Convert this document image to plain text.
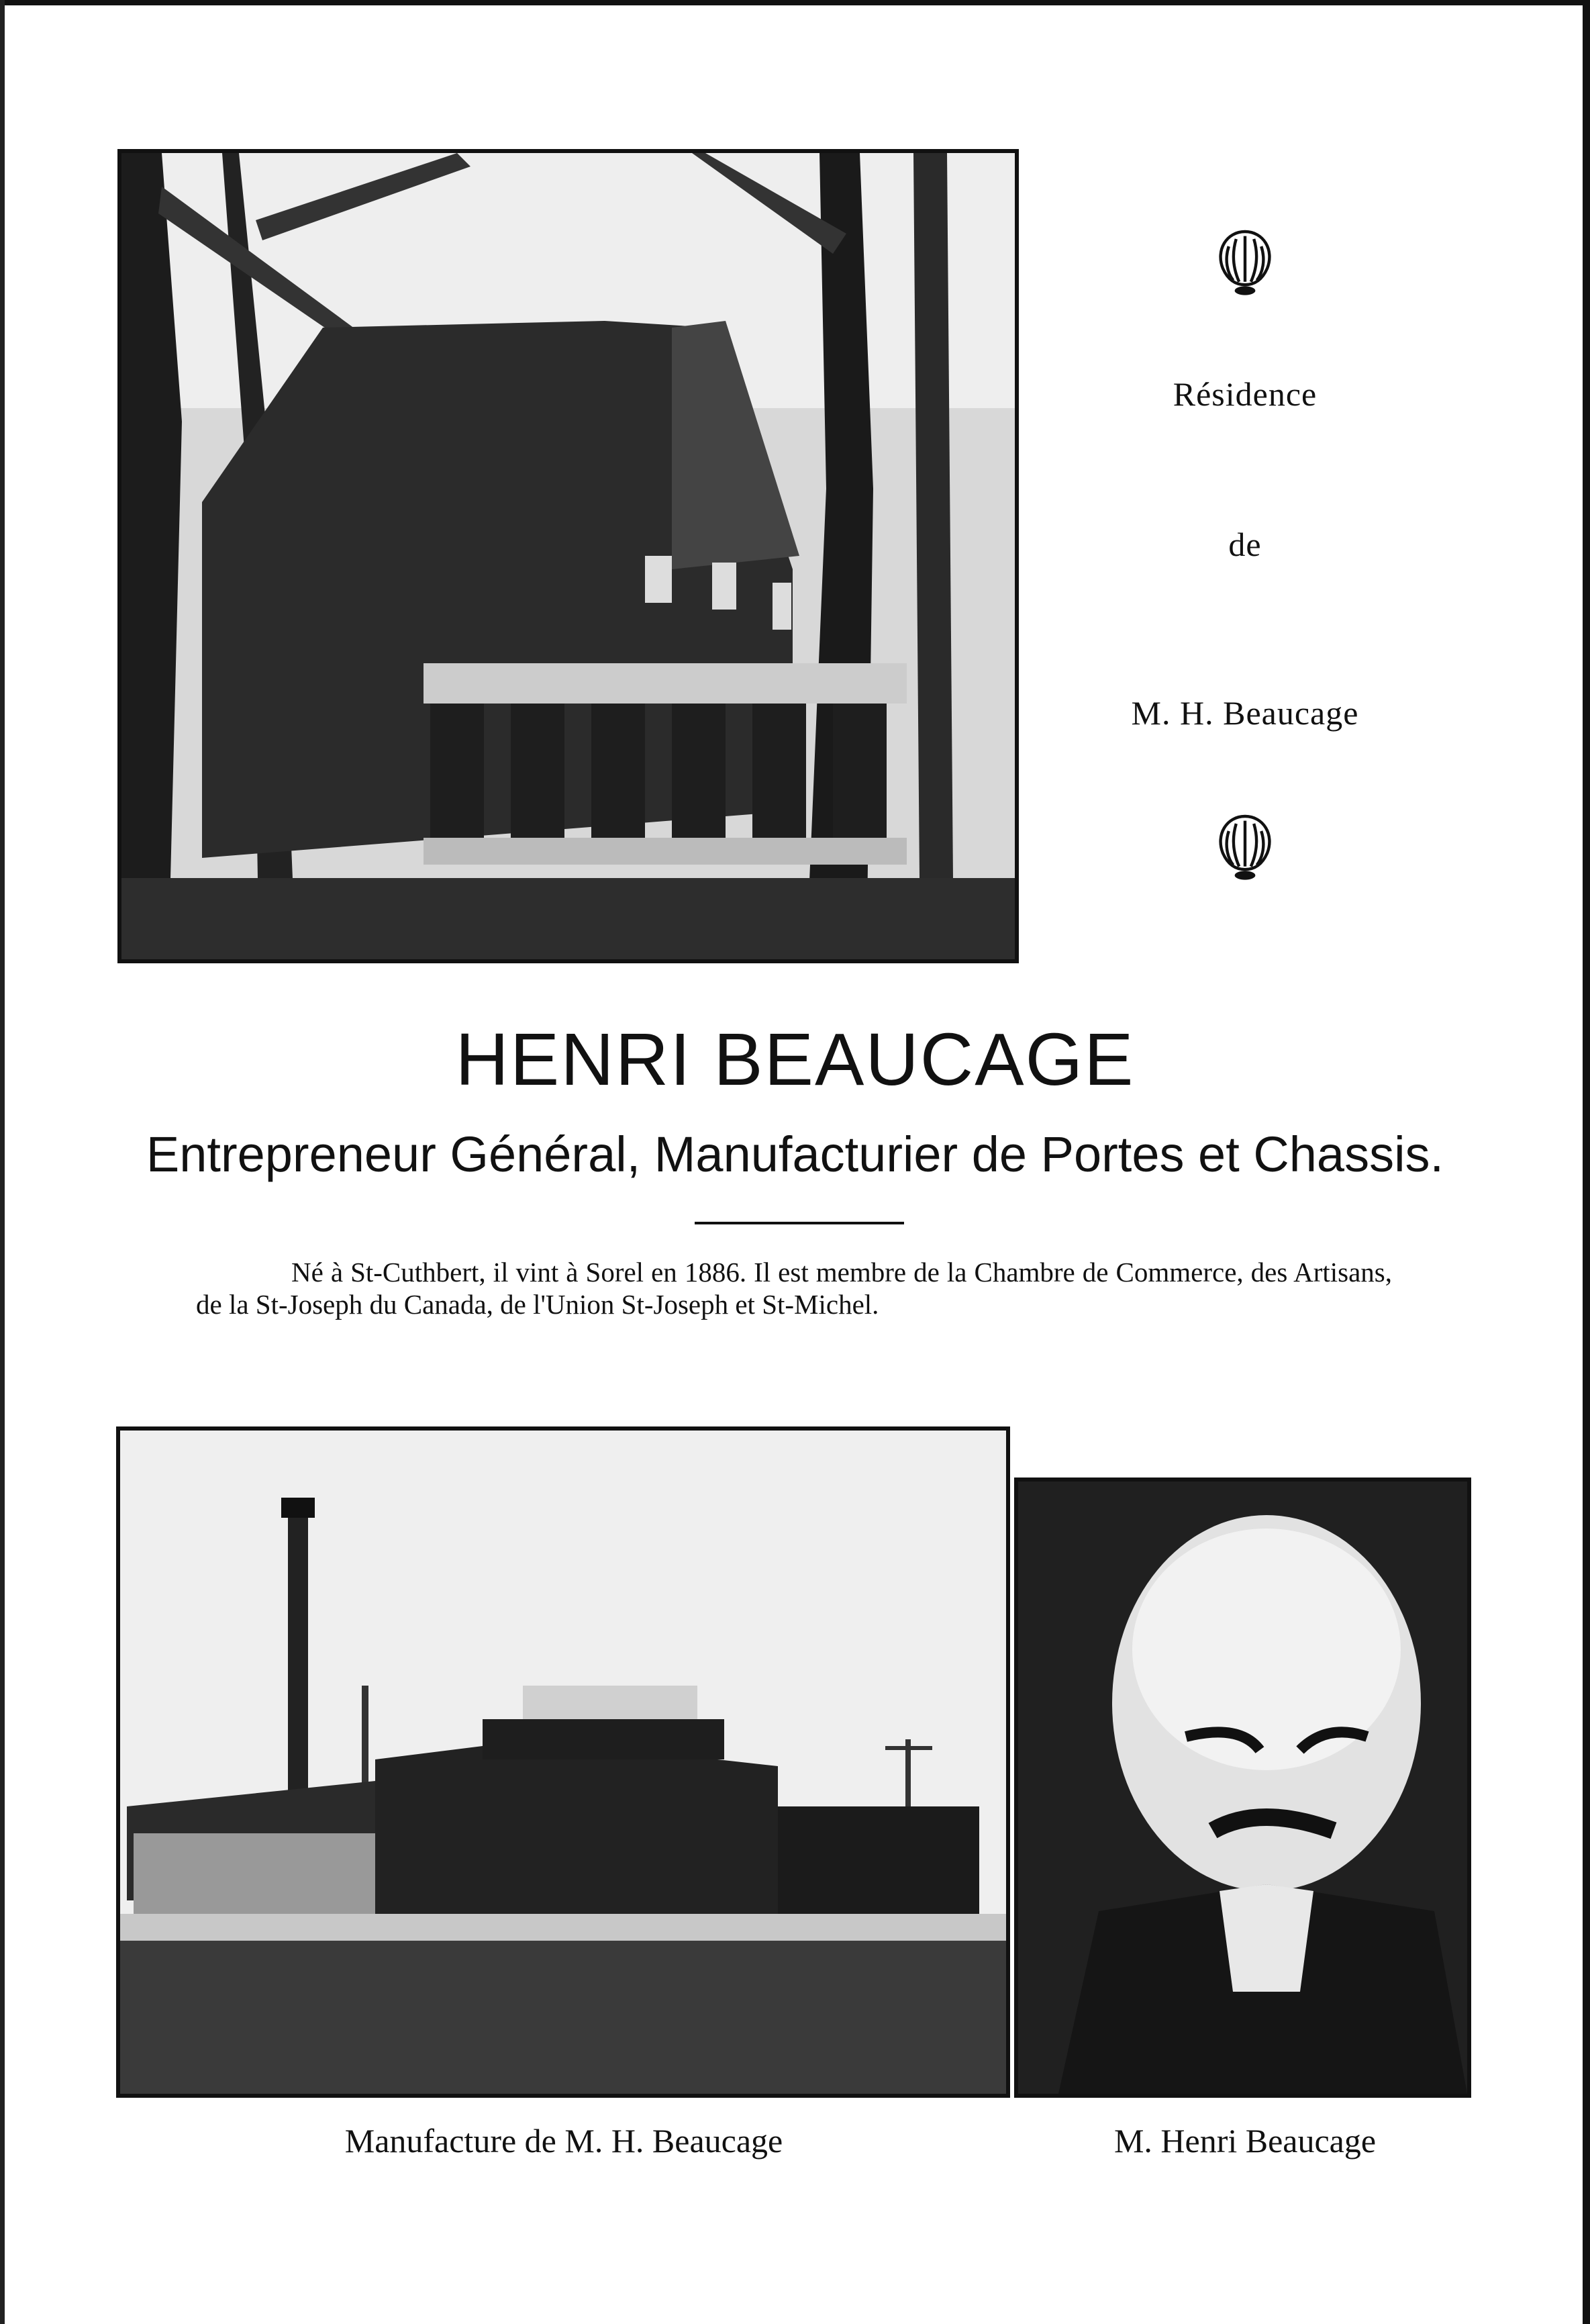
Résidence
de
M. H. Beaucage
HENRI BEAUCAGE
Entrepreneur Général, Manufacturier de Portes et Chassis.
Né à St-Cuthbert, il vint à Sorel en 1886. Il est membre de la Chambre de Commerce, des Artisans, de la St-Joseph du Canada, de l'Union St-Joseph et St-Michel.
Manufacture de M. H. Beaucage	M. Henri Beaucage
